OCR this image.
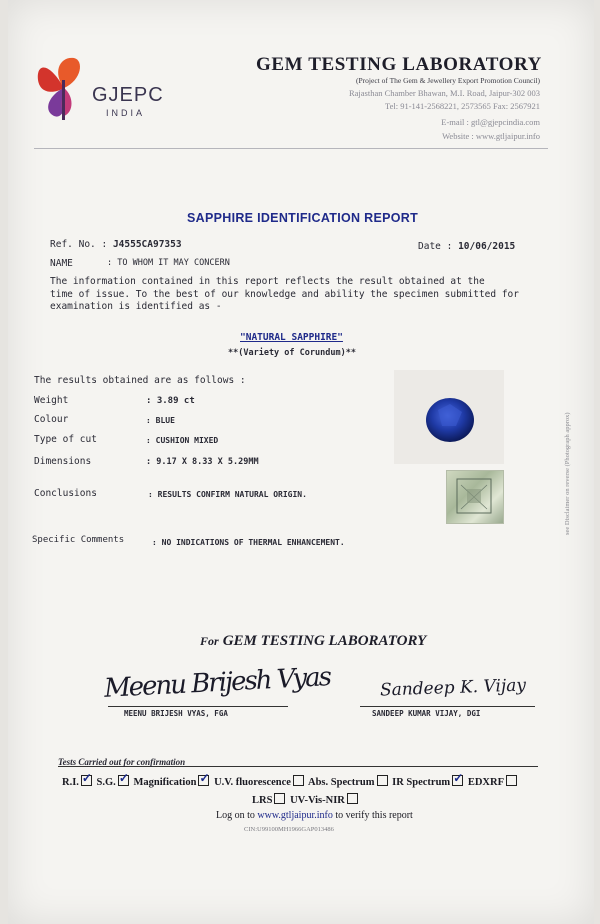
GJEPC
INDIA
GEM TESTING LABORATORY
(Project of The Gem & Jewellery Export Promotion Council)
Rajasthan Chamber Bhawan, M.I. Road, Jaipur-302 003
Tel: 91-141-2568221, 2573565 Fax: 2567921
E-mail : gtl@gjepcindia.com
Website : www.gtljaipur.info
SAPPHIRE IDENTIFICATION REPORT
Ref. No. : J4555CA97353	Date : 10/06/2015
NAME	: TO WHOM IT MAY CONCERN
The information contained in this report reflects the result obtained at the
time of issue. To the best of our knowledge and ability the specimen submitted for
examination is identified as -
"NATURAL SAPPHIRE"
**(Variety of Corundum)**
The results obtained are as follows :
Weight	: 3.89 ct
Colour	: BLUE
Type of cut	: CUSHION MIXED
Dimensions	: 9.17 X 8.33 X 5.29MM
Conclusions	: RESULTS CONFIRM NATURAL ORIGIN.
Specific Comments	: NO INDICATIONS OF THERMAL ENHANCEMENT.
see Disclaimer on reverse (Photograph approx)
For GEM TESTING LABORATORY
Meenu Brijesh Vyas
MEENU BRIJESH VYAS, FGA
Sandeep K. Vijay
SANDEEP KUMAR VIJAY, DGI
Tests Carried out for confirmation
R.I. ✓ S.G. ✓ Magnification ✓ U.V. fluorescence Abs. Spectrum IR Spectrum ✓ EDXRF
LRS UV-Vis-NIR
Log on to www.gtljaipur.info to verify this report
CIN:U99100MH1966GAP013486
